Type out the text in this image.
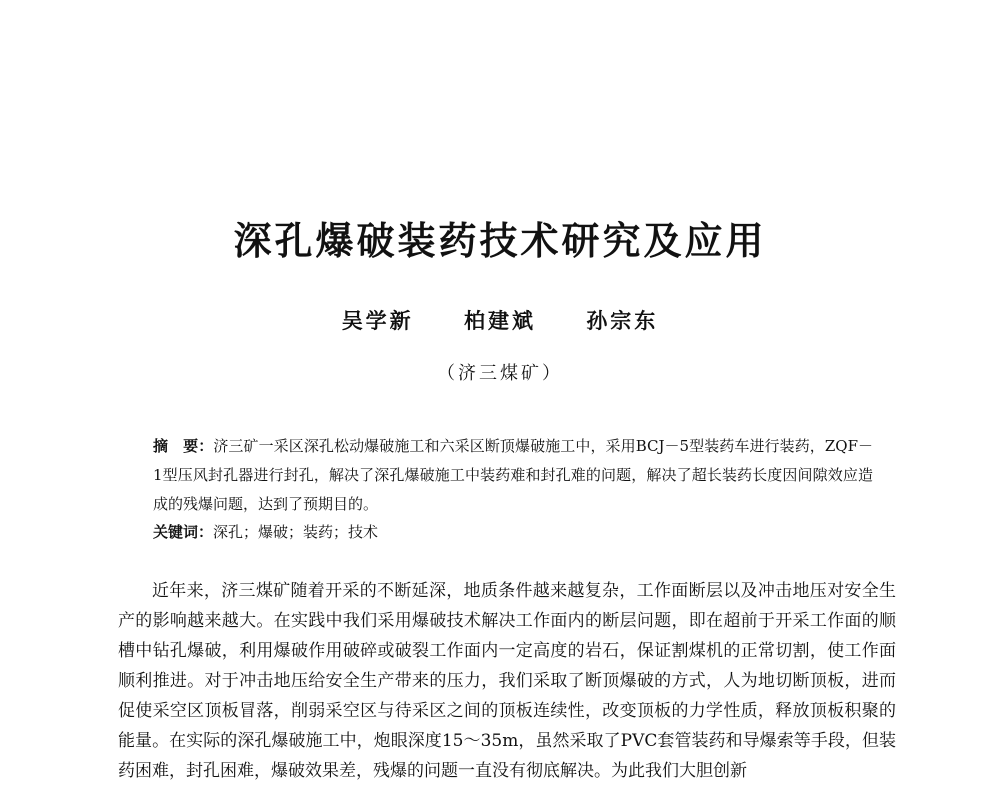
深孔爆破装药技术研究及应用
吴学新 柏建斌 孙宗东
（济三煤矿）
摘　要：济三矿一采区深孔松动爆破施工和六采区断顶爆破施工中，采用BCJ－5型装药车进行装药，ZQF－1型压风封孔器进行封孔，解决了深孔爆破施工中装药难和封孔难的问题，解决了超长装药长度因间隙效应造成的残爆问题，达到了预期目的。
关键词：深孔；爆破；装药；技术
近年来，济三煤矿随着开采的不断延深，地质条件越来越复杂，工作面断层以及冲击地压对安全生产的影响越来越大。在实践中我们采用爆破技术解决工作面内的断层问题，即在超前于开采工作面的顺槽中钻孔爆破，利用爆破作用破碎或破裂工作面内一定高度的岩石，保证割煤机的正常切割，使工作面顺利推进。对于冲击地压给安全生产带来的压力，我们采取了断顶爆破的方式，人为地切断顶板，进而促使采空区顶板冒落，削弱采空区与待采区之间的顶板连续性，改变顶板的力学性质，释放顶板积聚的能量。在实际的深孔爆破施工中，炮眼深度15～35m，虽然采取了PVC套管装药和导爆索等手段，但装药困难，封孔困难，爆破效果差，残爆的问题一直没有彻底解决。为此我们大胆创新
